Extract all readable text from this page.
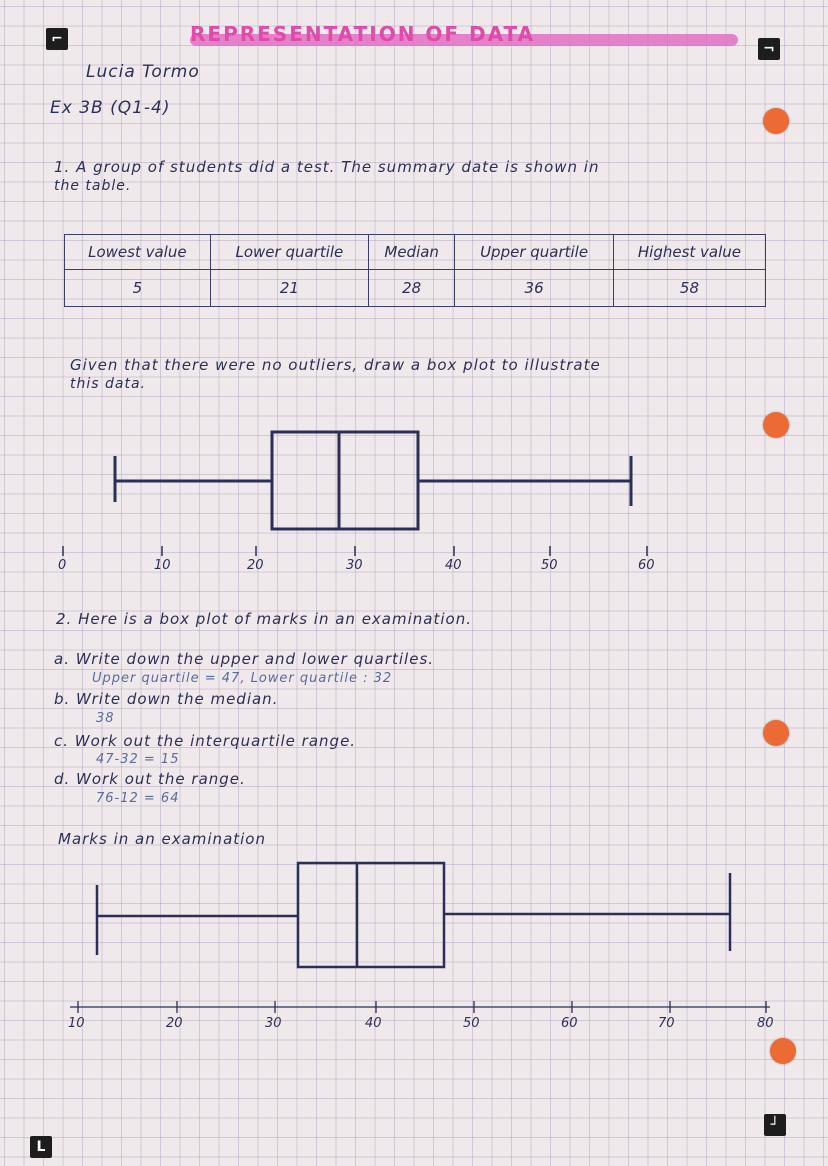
⌐
¬
L
┘
REPRESENTATION OF DATA
Lucia Tormo
Ex 3B (Q1-4)
1. A group of students did a test. The summary date is shown in
the table.
Lowest value	Lower quartile	Median	Upper quartile	Highest value
5	21	28	36	58
Given that there were no outliers, draw a box plot to illustrate
this data.
0	10	20	30	40	50	60
2. Here is a box plot of marks in an examination.
a. Write down the upper and lower quartiles.
Upper quartile = 47, Lower quartile : 32
b. Write down the median.
38
c. Work out the interquartile range.
47-32 = 15
d. Work out the range.
76-12 = 64
Marks in an examination
10	20	30	40	50	60	70	80
